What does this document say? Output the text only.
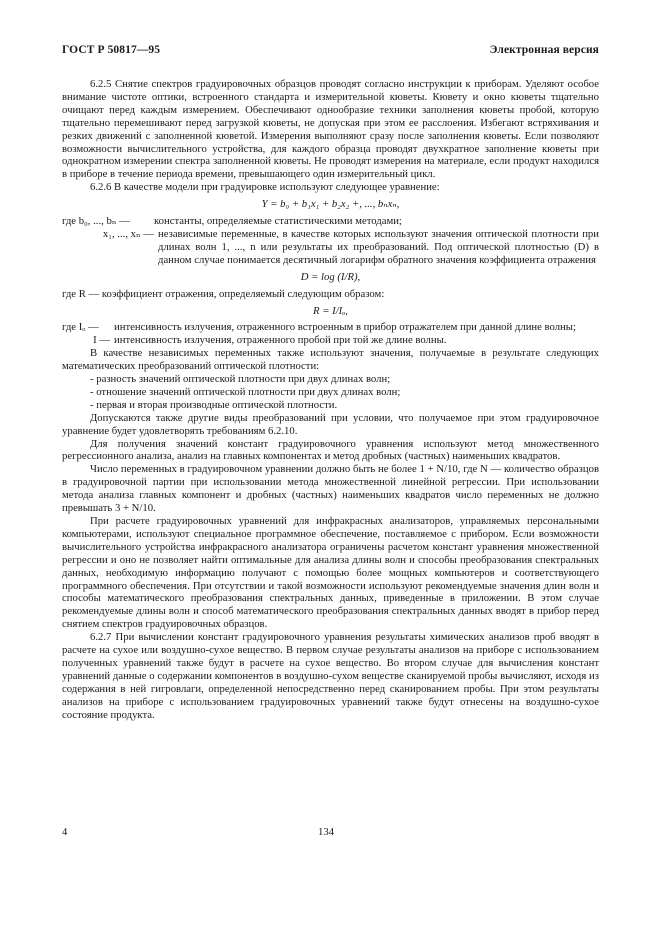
ГОСТ Р 50817—95	Электронная версия

6.2.5 Снятие спектров градуировочных образцов проводят согласно инструкции к приборам. Уделяют особое внимание чистоте оптики, встроенного стандарта и измерительной кюветы. Кювету и окно кюветы тщательно очищают перед каждым измерением. Обеспечивают однообразие техники заполнения кюветы пробой, которую тщательно перемешивают перед загрузкой кюветы, не допуская при этом ее расслоения. Избегают встряхивания и резких движений с заполненной кюветой. Измерения выполняют сразу после заполнения кюветы. Если позволяют возможности вычислительного устройства, для каждого образца проводят двухкратное заполнение кюветы при однократном измерении спектра заполненной кюветы. Не проводят измерения на материале, если продукт находился в приборе в течение периода времени, превышающего один измерительный цикл.

6.2.6 В качестве модели при градуировке используют следующее уравнение:

Y = b₀ + b₁x₁ + b₂x₂ +, ..., bₙxₙ,
где b₀, ..., bₙ —	константы, определяемые статистическими методами;
x₁, ..., xₙ — независимые переменные, в качестве которых используют значения оптической плотности при длинах волн 1, ..., n или результаты их преобразований. Под оптической плотностью (D) в данном случае понимается десятичный логарифм обратного значения коэффициента отражения
D = log (I/R),

где R — коэффициент отражения, определяемый следующим образом:

R = I/Iₒ,
где Iₒ —	интенсивность излучения, отраженного встроенным в прибор отражателем при данной длине волны;
I — интенсивность излучения, отраженного пробой при той же длине волны.

В качестве независимых переменных также используют значения, получаемые в результате следующих математических преобразований оптической плотности:

- разность значений оптической плотности при двух длинах волн;
- отношение значений оптической плотности при двух длинах волн;
- первая и вторая производные оптической плотности.

Допускаются также другие виды преобразований при условии, что получаемое при этом градуировочное уравнение будет удовлетворять требованиям 6.2.10.

Для получения значений констант градуировочного уравнения используют метод множественного регрессионного анализа, анализ на главных компонентах и метод дробных (частных) наименьших квадратов.

Число переменных в градуировочном уравнении должно быть не более 1 + N/10, где N — количество образцов в градуировочной партии при использовании метода множественной линейной регрессии. При использовании метода анализа главных компонент и дробных (частных) наименьших квадратов число переменных не должно превышать 3 + N/10.

При расчете градуировочных уравнений для инфракрасных анализаторов, управляемых персональными компьютерами, используют специальное программное обеспечение, поставляемое с прибором. Если возможности вычислительного устройства инфракрасного анализатора ограничены расчетом констант уравнения множественной регрессии и оно не позволяет найти оптимальные для анализа длины волн и способы преобразования спектральных данных, необходимую информацию получают с помощью более мощных компьютеров и соответствующего программного обеспечения. При отсутствии и такой возможности используют рекомендуемые значения длин волн и способы математического преобразования спектральных данных, приведенные в приложении. В этом случае рекомендуемые длины волн и способ математического преобразования спектральных данных вводят в прибор перед снятием спектров градуировочных образцов.

6.2.7 При вычислении констант градуировочного уравнения результаты химических анализов проб вводят в расчете на сухое или воздушно-сухое вещество. В первом случае результаты анализов на приборе с использованием полученных уравнений также будут в расчете на сухое вещество. Во втором случае для вычисления констант уравнений данные о содержании компонентов в воздушно-сухом веществе сканируемой пробы вычисляют, исходя из содержания в ней гигровлаги, определенной непосредственно перед сканированием пробы. При этом результаты анализов на приборе с использованием градуировочных уравнений также будут отнесены на воздушно-сухое состояние продукта.

4	134
